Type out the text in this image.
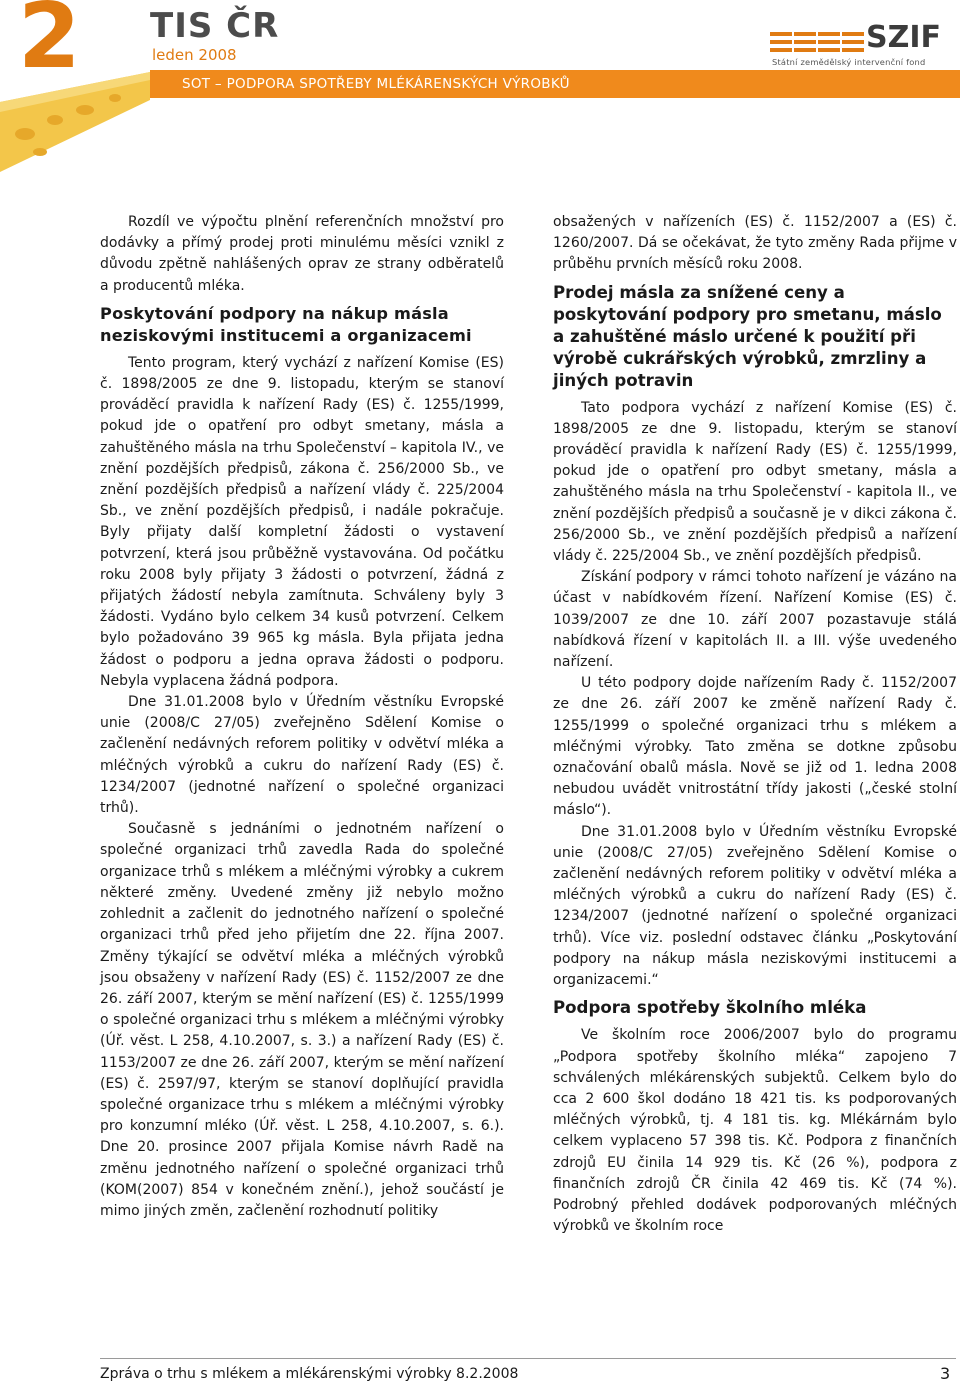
2 TIS ČR
leden 2008
SOT – PODPORA SPOTŘEBY MLÉKÁRENSKÝCH VÝROBKŮ
SZIF
Státní zemědělský intervenční fond

Rozdíl ve výpočtu plnění referenčních množství pro dodávky a přímý prodej proti minulému měsíci vznikl z důvodu zpětně nahlášených oprav ze strany odběratelů a producentů mléka.

Poskytování podpory na nákup másla neziskovými institucemi a organizacemi

Tento program, který vychází z nařízení Komise (ES) č. 1898/2005 ze dne 9. listopadu, kterým se stanoví prováděcí pravidla k nařízení Rady (ES) č. 1255/1999, pokud jde o opatření pro odbyt smetany, másla a zahuštěného másla na trhu Společenství – kapitola IV., ve znění pozdějších předpisů, zákona č. 256/2000 Sb., ve znění pozdějších předpisů a nařízení vlády č. 225/2004 Sb., ve znění pozdějších předpisů, i nadále pokračuje. Byly přijaty další kompletní žádosti o vystavení potvrzení, která jsou průběžně vystavována. Od počátku roku 2008 byly přijaty 3 žádosti o potvrzení, žádná z přijatých žádostí nebyla zamítnuta. Schváleny byly 3 žádosti. Vydáno bylo celkem 34 kusů potvrzení. Celkem bylo požadováno 39 965 kg másla. Byla přijata jedna žádost o podporu a jedna oprava žádosti o podporu. Nebyla vyplacena žádná podpora.

Dne 31.01.2008 bylo v Úředním věstníku Evropské unie (2008/C 27/05) zveřejněno Sdělení Komise o začlenění nedávných reforem politiky v odvětví mléka a mléčných výrobků a cukru do nařízení Rady (ES) č. 1234/2007 (jednotné nařízení o společné organizaci trhů).

Současně s jednáními o jednotném nařízení o společné organizaci trhů zavedla Rada do společné organizace trhů s mlékem a mléčnými výrobky a cukrem některé změny. Uvedené změny již nebylo možno zohlednit a začlenit do jednotného nařízení o společné organizaci trhů před jeho přijetím dne 22. října 2007. Změny týkající se odvětví mléka a mléčných výrobků jsou obsaženy v nařízení Rady (ES) č. 1152/2007 ze dne 26. září 2007, kterým se mění nařízení (ES) č. 1255/1999 o společné organizaci trhu s mlékem a mléčnými výrobky (Úř. věst. L 258, 4.10.2007, s. 3.) a nařízení Rady (ES) č. 1153/2007 ze dne 26. září 2007, kterým se mění nařízení (ES) č. 2597/97, kterým se stanoví doplňující pravidla společné organizace trhu s mlékem a mléčnými výrobky pro konzumní mléko (Úř. věst. L 258, 4.10.2007, s. 6.). Dne 20. prosince 2007 přijala Komise návrh Radě na změnu jednotného nařízení o společné organizaci trhů (KOM(2007) 854 v konečném znění.), jehož součástí je mimo jiných změn, začlenění rozhodnutí politiky

obsažených v nařízeních (ES) č. 1152/2007 a (ES) č. 1260/2007. Dá se očekávat, že tyto změny Rada přijme v průběhu prvních měsíců roku 2008.

Prodej másla za snížené ceny a poskytování podpory pro smetanu, máslo a zahuštěné máslo určené k použití při výrobě cukrářských výrobků, zmrzliny a jiných potravin

Tato podpora vychází z nařízení Komise (ES) č. 1898/2005 ze dne 9. listopadu, kterým se stanoví prováděcí pravidla k nařízení Rady (ES) č. 1255/1999, pokud jde o opatření pro odbyt smetany, másla a zahuštěného másla na trhu Společenství - kapitola II., ve znění pozdějších předpisů a současně je v dikci zákona č. 256/2000 Sb., ve znění pozdějších předpisů a nařízení vlády č. 225/2004 Sb., ve znění pozdějších předpisů.

Získání podpory v rámci tohoto nařízení je vázáno na účast v nabídkovém řízení. Nařízení Komise (ES) č. 1039/2007 ze dne 10. září 2007 pozastavuje stálá nabídková řízení v kapitolách II. a III. výše uvedeného nařízení.

U této podpory dojde nařízením Rady č. 1152/2007 ze dne 26. září 2007 ke změně nařízení Rady č. 1255/1999 o společné organizaci trhu s mlékem a mléčnými výrobky. Tato změna se dotkne způsobu označování obalů másla. Nově se již od 1. ledna 2008 nebudou uvádět vnitrostátní třídy jakosti („české stolní máslo“).

Dne 31.01.2008 bylo v Úředním věstníku Evropské unie (2008/C 27/05) zveřejněno Sdělení Komise o začlenění nedávných reforem politiky v odvětví mléka a mléčných výrobků a cukru do nařízení Rady (ES) č. 1234/2007 (jednotné nařízení o společné organizaci trhů). Více viz. poslední odstavec článku „Poskytování podpory na nákup másla neziskovými institucemi a organizacemi.“

Podpora spotřeby školního mléka

Ve školním roce 2006/2007 bylo do programu „Podpora spotřeby školního mléka“ zapojeno 7 schválených mlékárenských subjektů. Celkem bylo do cca 2 600 škol dodáno 18 421 tis. ks podporovaných mléčných výrobků, tj. 4 181 tis. kg. Mlékárnám bylo celkem vyplaceno 57 398 tis. Kč. Podpora z finančních zdrojů EU činila 14 929 tis. Kč (26 %), podpora z finančních zdrojů ČR činila 42 469 tis. Kč (74 %). Podrobný přehled dodávek podporovaných mléčných výrobků ve školním roce

Zpráva o trhu s mlékem a mlékárenskými výrobky 8.2.2008	3
